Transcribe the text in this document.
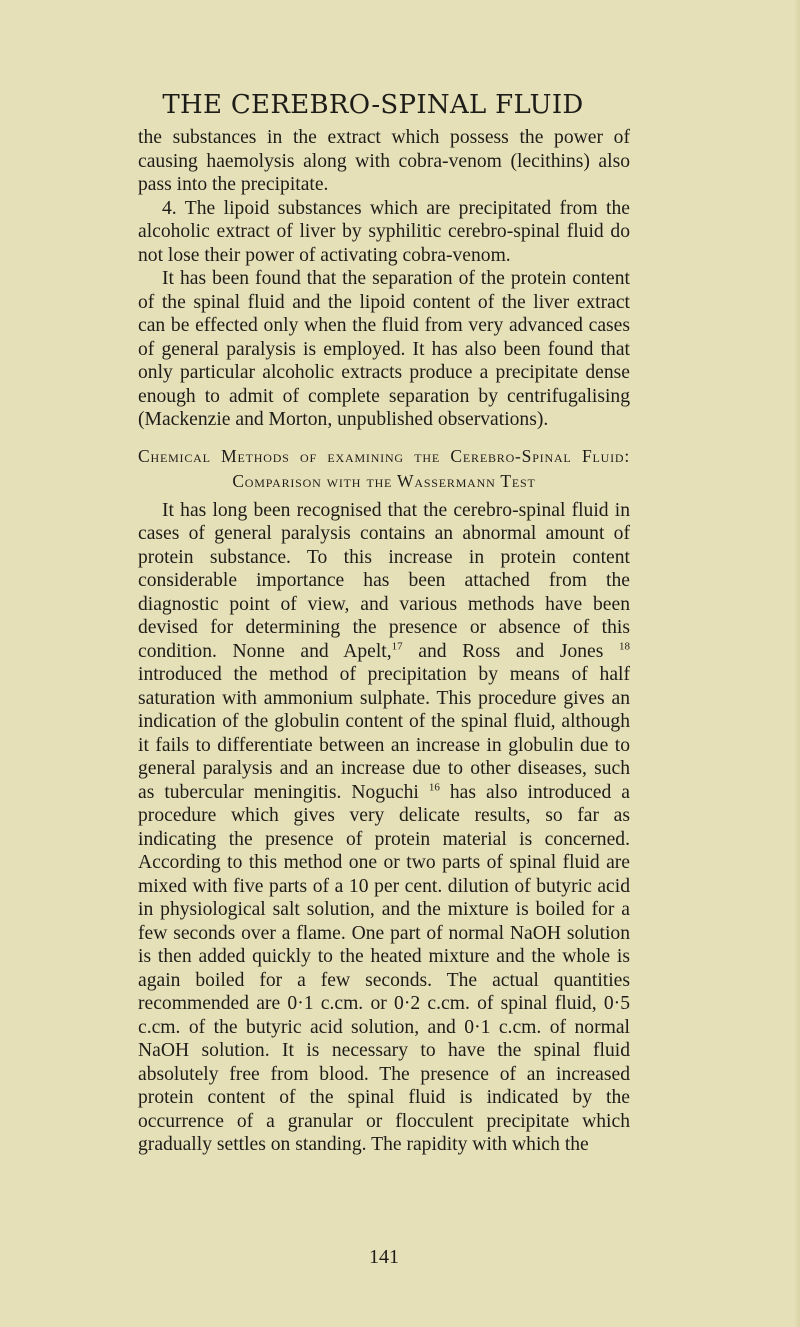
THE CEREBRO-SPINAL FLUID

the substances in the extract which possess the power of causing haemolysis along with cobra-venom (lecithins) also pass into the precipitate.

4. The lipoid substances which are precipitated from the alcoholic extract of liver by syphilitic cerebro-spinal fluid do not lose their power of activating cobra-venom.

It has been found that the separation of the protein content of the spinal fluid and the lipoid content of the liver extract can be effected only when the fluid from very advanced cases of general paralysis is employed. It has also been found that only particular alcoholic extracts produce a precipitate dense enough to admit of complete separation by centrifugalising (Mackenzie and Morton, unpublished observations).

Chemical Methods of examining the Cerebro-Spinal Fluid: Comparison with the Wassermann Test

It has long been recognised that the cerebro-spinal fluid in cases of general paralysis contains an abnormal amount of protein substance. To this increase in protein content considerable importance has been attached from the diagnostic point of view, and various methods have been devised for determining the presence or absence of this condition. Nonne and Apelt,$^{17}$ and Ross and Jones $^{18}$ introduced the method of precipitation by means of half saturation with ammonium sulphate. This procedure gives an indication of the globulin content of the spinal fluid, although it fails to differentiate between an increase in globulin due to general paralysis and an increase due to other diseases, such as tubercular meningitis. Noguchi $^{16}$ has also introduced a procedure which gives very delicate results, so far as indicating the presence of protein material is concerned. According to this method one or two parts of spinal fluid are mixed with five parts of a 10 per cent. dilution of butyric acid in physiological salt solution, and the mixture is boiled for a few seconds over a flame. One part of normal NaOH solution is then added quickly to the heated mixture and the whole is again boiled for a few seconds. The actual quantities recommended are 0·1 c.cm. or 0·2 c.cm. of spinal fluid, 0·5 c.cm. of the butyric acid solution, and 0·1 c.cm. of normal NaOH solution. It is necessary to have the spinal fluid absolutely free from blood. The presence of an increased protein content of the spinal fluid is indicated by the occurrence of a granular or flocculent precipitate which gradually settles on standing. The rapidity with which the

141
